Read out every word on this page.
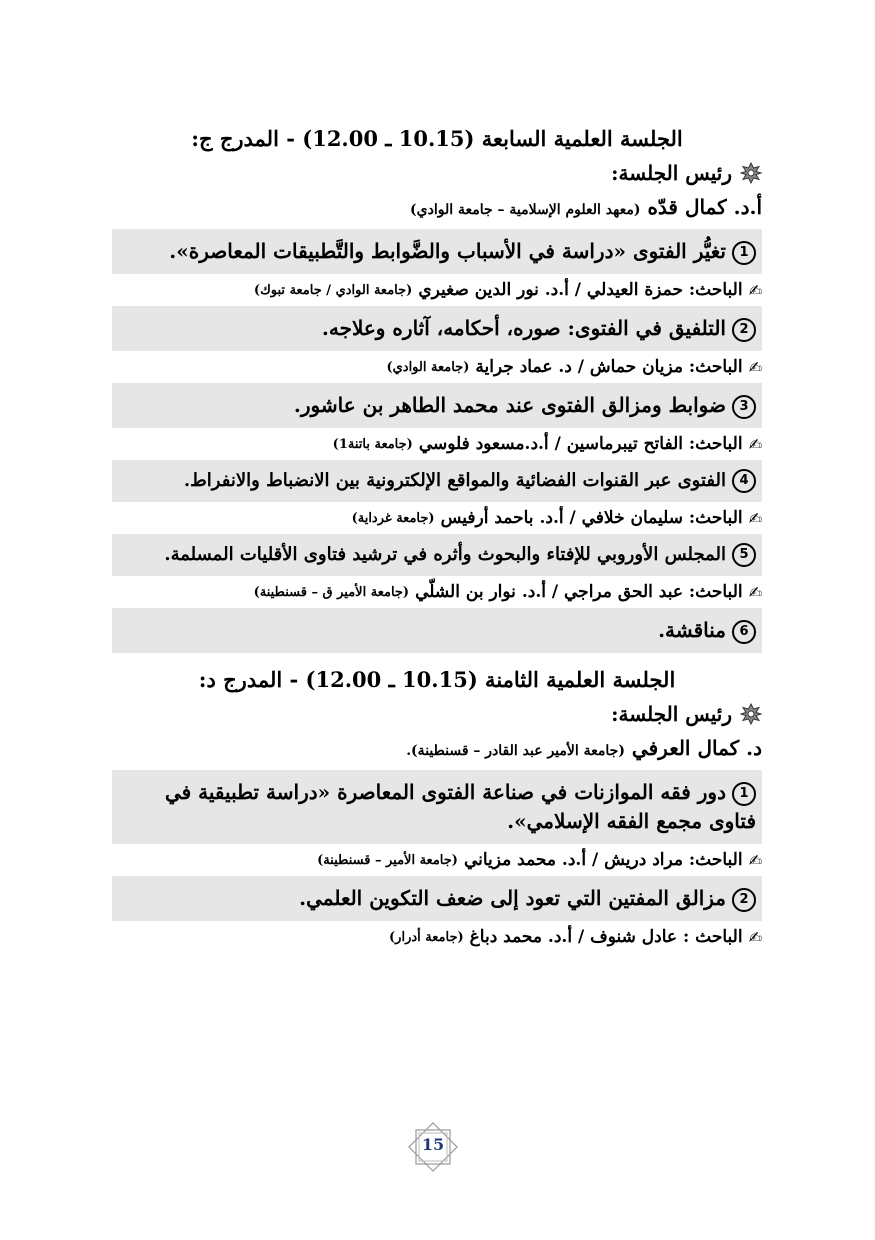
الجلسة العلمية السابعة (10.15 ـ 12.00) - المدرج ج:
رئيس الجلسة:
أ.د. كمال قدّه (معهد العلوم الإسلامية – جامعة الوادي)
1تغيُّر الفتوى «دراسة في الأسباب والضَّوابط والتَّطبيقات المعاصرة».
✍
الباحث: حمزة العيدلي / أ.د. نور الدين صغيري
(جامعة الوادي / جامعة تبوك)
2التلفيق في الفتوى: صوره، أحكامه، آثاره وعلاجه.
✍
الباحث: مزيان حماش / د. عماد جراية
(جامعة الوادي)
3ضوابط ومزالق الفتوى عند محمد الطاهر بن عاشور.
✍
الباحث: الفاتح تيبرماسين / أ.د.مسعود فلوسي
(جامعة باتنة1)
4الفتوى عبر القنوات الفضائية والمواقع الإلكترونية بين الانضباط والانفراط.
✍
الباحث: سليمان خلافي / أ.د. باحمد أرفيس
(جامعة غرداية)
5المجلس الأوروبي للإفتاء والبحوث وأثره في ترشيد فتاوى الأقليات المسلمة.
✍
الباحث: عبد الحق مراجي / أ.د. نوار بن الشلّي
(جامعة الأمير ق – قسنطينة)
6مناقشة.
الجلسة العلمية الثامنة (10.15 ـ 12.00) - المدرج د:
رئيس الجلسة:
د. كمال العرفي (جامعة الأمير عبد القادر – قسنطينة).
1دور فقه الموازنات في صناعة الفتوى المعاصرة «دراسة تطبيقية في فتاوى مجمع الفقه الإسلامي».
✍
الباحث: مراد دريش / أ.د. محمد مزياني
(جامعة الأمير – قسنطينة)
2مزالق المفتين التي تعود إلى ضعف التكوين العلمي.
✍
الباحث : عادل شنوف / أ.د. محمد دباغ
(جامعة أدرار)
15
